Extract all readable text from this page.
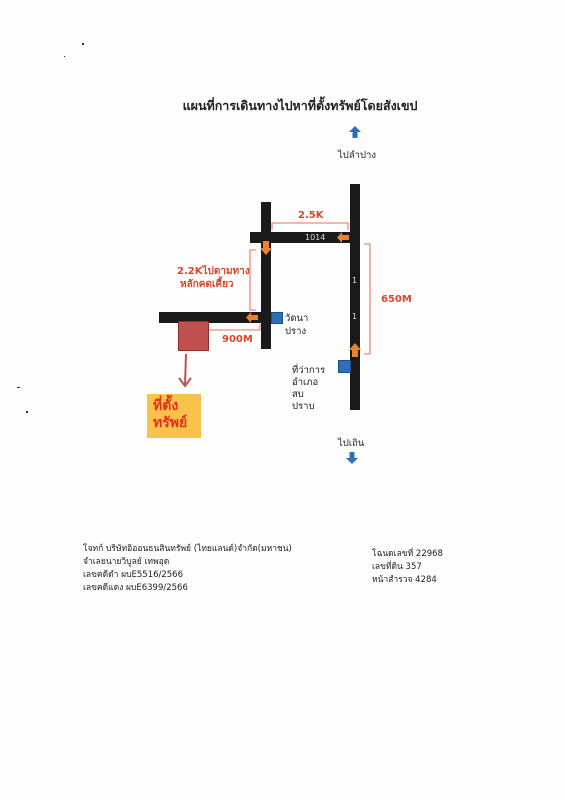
แผนที่การเดินทางไปหาที่ตั้งทรัพย์โดยสังเขป
ไปลำปาง
1
1
1014
2.5K
2.2Kไปตามทาง
หลักคดเคี้ยว
650M
900M
วัดนา
ปราง
ที่ว่าการ
อำเภอ
สบ
ปราบ
ที่ตั้ง
ทรัพย์
ไปเถิน
โจทก์ บริษัทอิออนธนสินทรัพย์ (ไทยแลนด์)จำกัด(มหาชน)
จำเลยนายวิบูลย์ เทพอุด
เลขคดีดำ ผบE5516/2566
เลขคดีแดง ผบE6399/2566
โฉนดเลขที่ 22968
เลขที่ดิน 357
หน้าสำรวจ 4284
